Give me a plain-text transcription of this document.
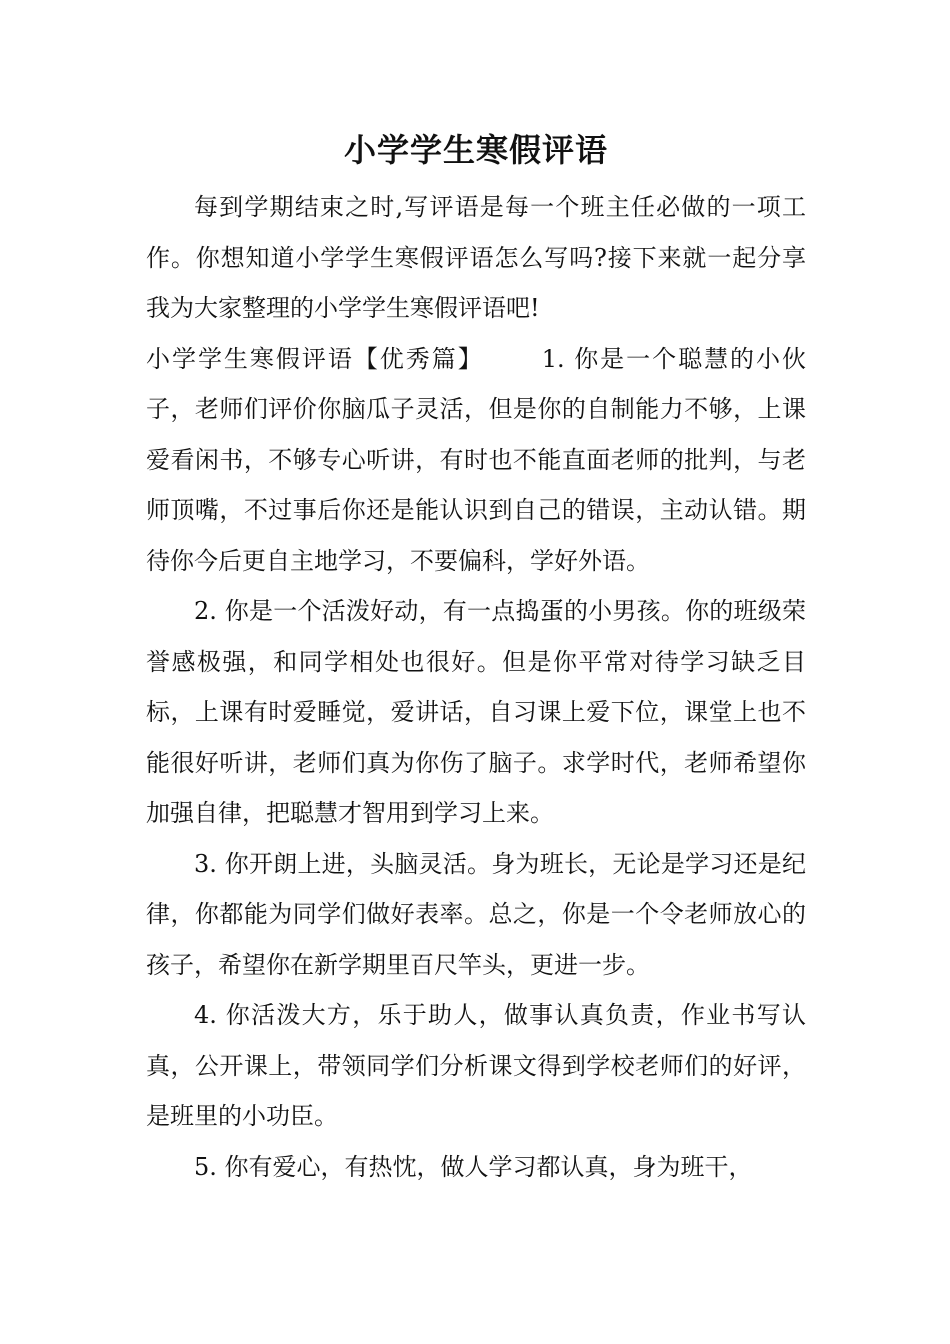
小学学生寒假评语

每到学期结束之时,写评语是每一个班主任必做的一项工作。你想知道小学学生寒假评语怎么写吗?接下来就一起分享我为大家整理的小学学生寒假评语吧!

小学学生寒假评语【优秀篇】 1. 你是一个聪慧的小伙子，老师们评价你脑瓜子灵活，但是你的自制能力不够，上课爱看闲书，不够专心听讲，有时也不能直面老师的批判，与老师顶嘴，不过事后你还是能认识到自己的错误，主动认错。期待你今后更自主地学习，不要偏科，学好外语。

2. 你是一个活泼好动，有一点捣蛋的小男孩。你的班级荣誉感极强，和同学相处也很好。但是你平常对待学习缺乏目标，上课有时爱睡觉，爱讲话，自习课上爱下位，课堂上也不能很好听讲，老师们真为你伤了脑子。求学时代，老师希望你加强自律，把聪慧才智用到学习上来。

3. 你开朗上进，头脑灵活。身为班长，无论是学习还是纪律，你都能为同学们做好表率。总之，你是一个令老师放心的孩子，希望你在新学期里百尺竿头，更进一步。

4. 你活泼大方，乐于助人，做事认真负责，作业书写认真，公开课上，带领同学们分析课文得到学校老师们的好评，是班里的小功臣。

5. 你有爱心，有热忱，做人学习都认真，身为班干，
